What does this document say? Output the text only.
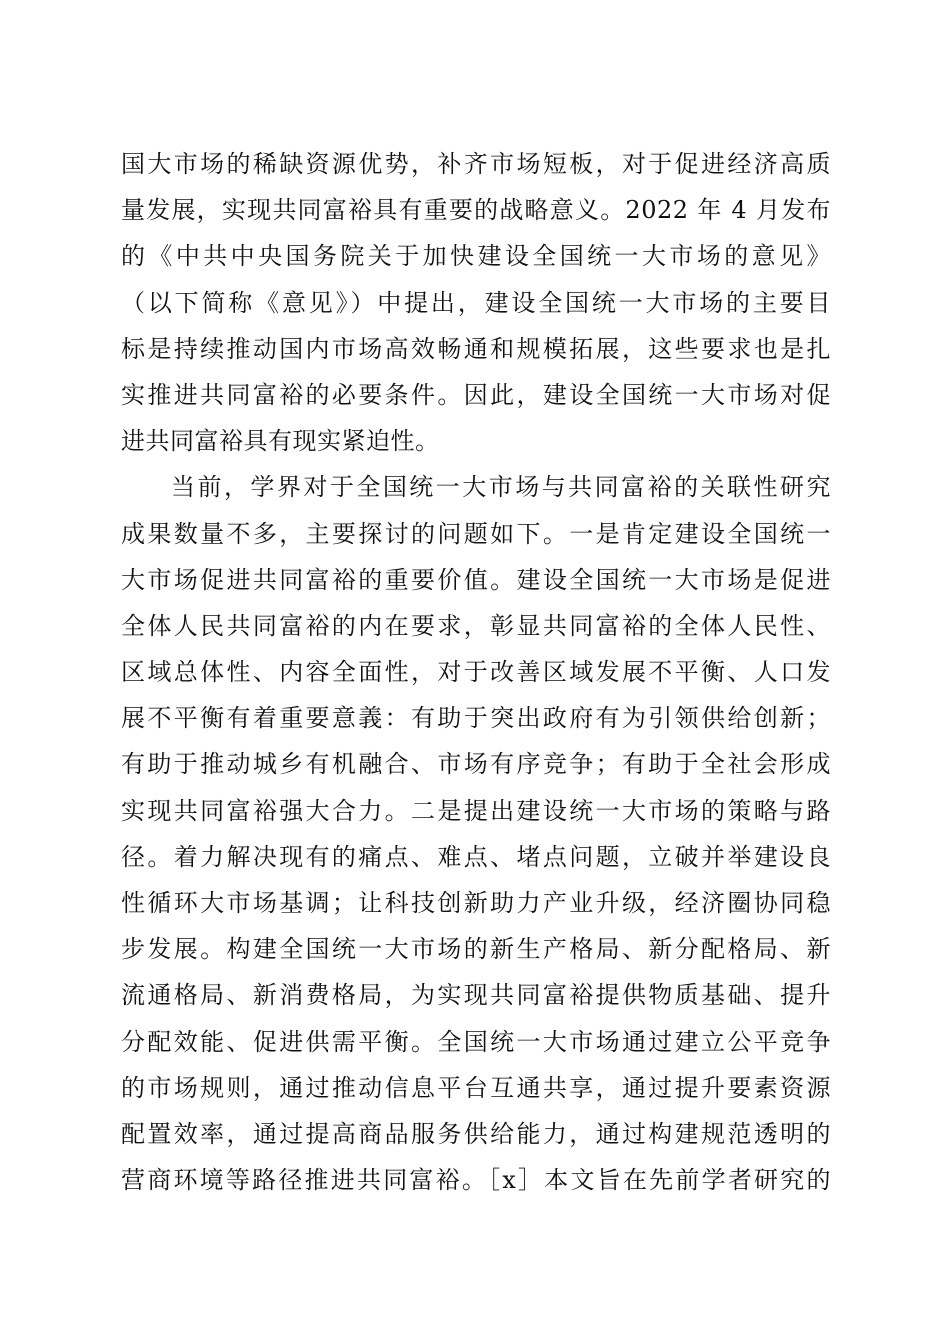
国大市场的稀缺资源优势，补齐市场短板，对于促进经济高质
量发展，实现共同富裕具有重要的战略意义。2022 年 4 月发布
的《中共中央国务院关于加快建设全国统一大市场的意见》
（以下简称《意见》）中提出，建设全国统一大市场的主要目
标是持续推动国内市场高效畅通和规模拓展，这些要求也是扎
实推进共同富裕的必要条件。因此，建设全国统一大市场对促
进共同富裕具有现实紧迫性。
当前，学界对于全国统一大市场与共同富裕的关联性研究
成果数量不多，主要探讨的问题如下。一是肯定建设全国统一
大市场促进共同富裕的重要价值。建设全国统一大市场是促进
全体人民共同富裕的内在要求，彰显共同富裕的全体人民性、
区域总体性、内容全面性，对于改善区域发展不平衡、人口发
展不平衡有着重要意義：有助于突出政府有为引领供给创新；
有助于推动城乡有机融合、市场有序竞争；有助于全社会形成
实现共同富裕强大合力。二是提出建设统一大市场的策略与路
径。着力解决现有的痛点、难点、堵点问题，立破并举建设良
性循环大市场基调；让科技创新助力产业升级，经济圈协同稳
步发展。构建全国统一大市场的新生产格局、新分配格局、新
流通格局、新消费格局，为实现共同富裕提供物质基础、提升
分配效能、促进供需平衡。全国统一大市场通过建立公平竞争
的市场规则，通过推动信息平台互通共享，通过提升要素资源
配置效率，通过提高商品服务供给能力，通过构建规范透明的
营商环境等路径推进共同富裕。［x］本文旨在先前学者研究的
